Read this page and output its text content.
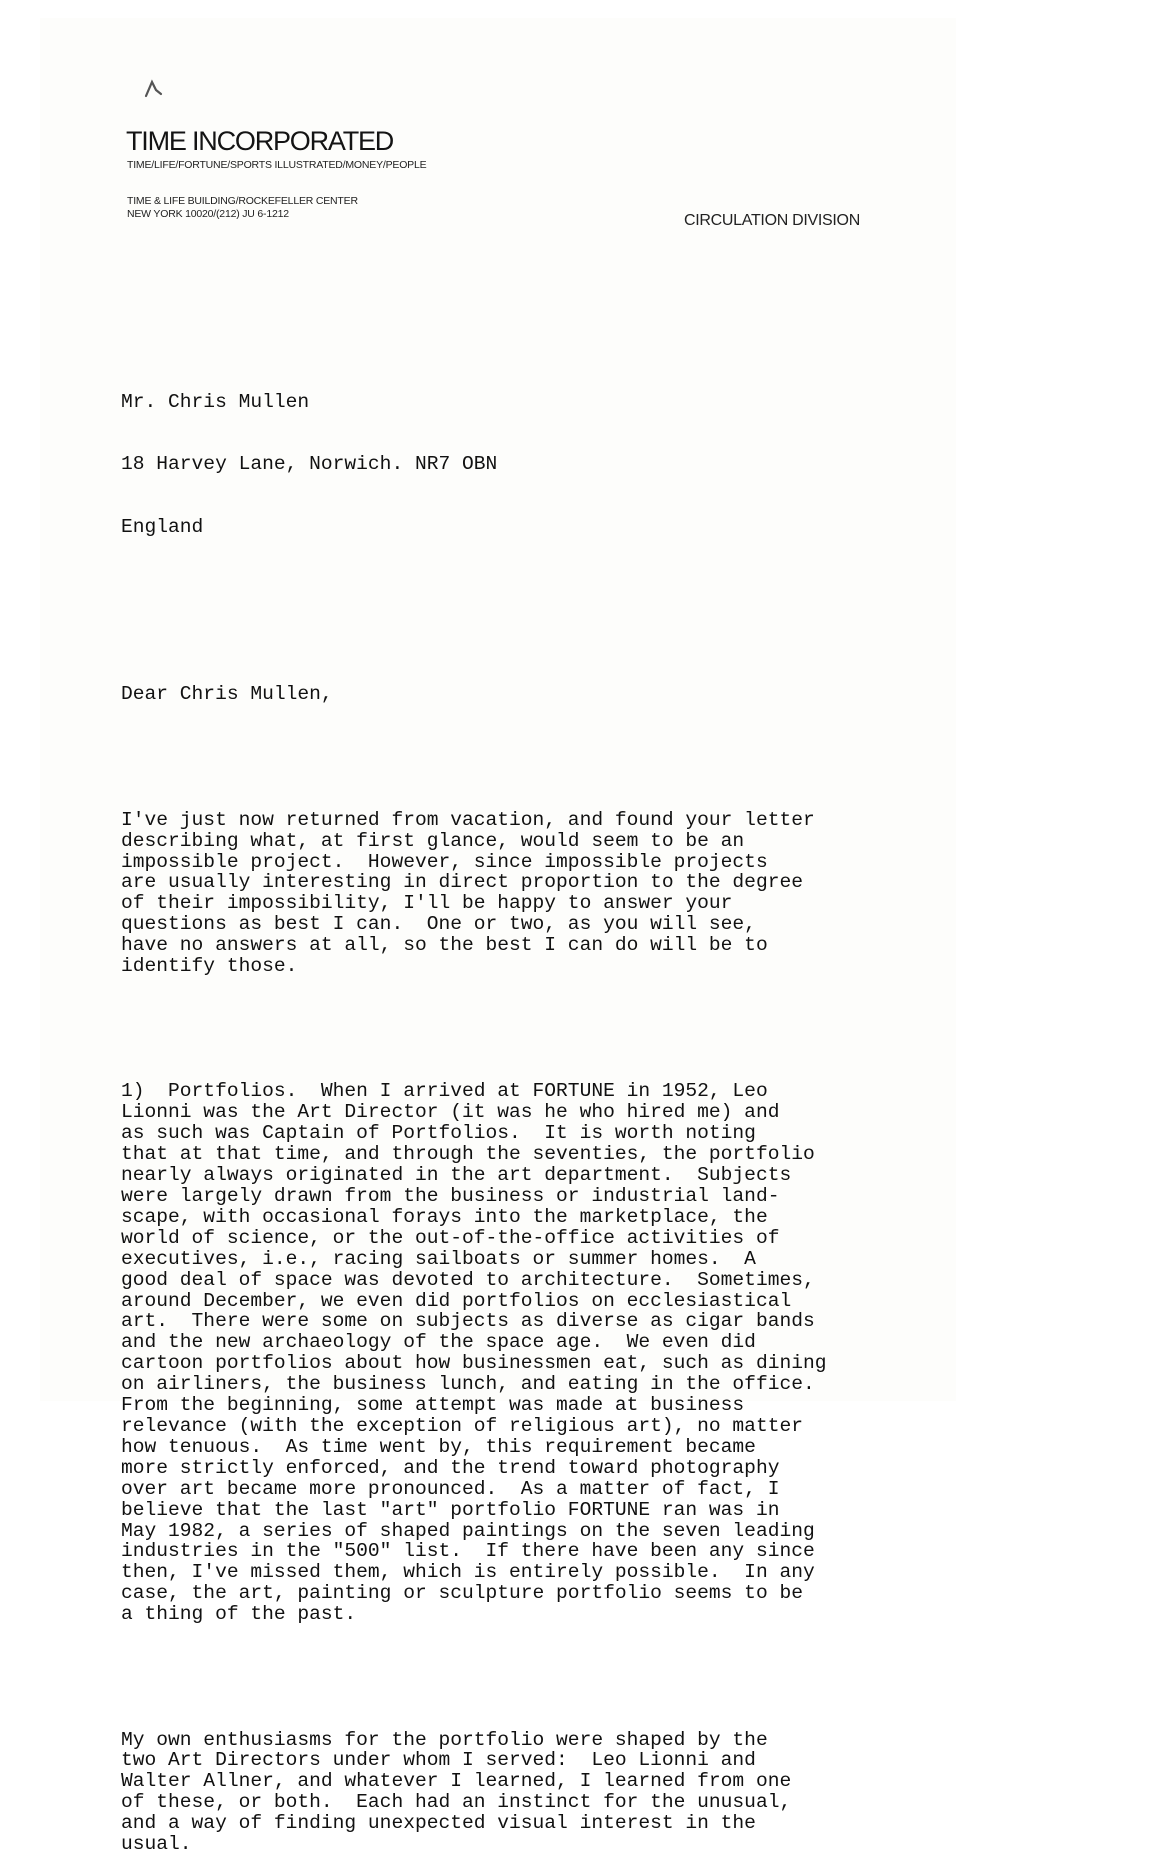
TIME INCORPORATED
TIME/LIFE/FORTUNE/SPORTS ILLUSTRATED/MONEY/PEOPLE
TIME & LIFE BUILDING/ROCKEFELLER CENTER
NEW YORK 10020/(212) JU 6-1212	CIRCULATION DIVISION

Mr. Chris Mullen

18 Harvey Lane, Norwich. NR7 OBN

England

Dear Chris Mullen,

I've just now returned from vacation, and found your letter
describing what, at first glance, would seem to be an
impossible project.  However, since impossible projects
are usually interesting in direct proportion to the degree
of their impossibility, I'll be happy to answer your
questions as best I can.  One or two, as you will see,
have no answers at all, so the best I can do will be to
identify those.

1)  Portfolios.  When I arrived at FORTUNE in 1952, Leo
Lionni was the Art Director (it was he who hired me) and
as such was Captain of Portfolios.  It is worth noting
that at that time, and through the seventies, the portfolio
nearly always originated in the art department.  Subjects
were largely drawn from the business or industrial land-
scape, with occasional forays into the marketplace, the
world of science, or the out-of-the-office activities of
executives, i.e., racing sailboats or summer homes.  A
good deal of space was devoted to architecture.  Sometimes,
around December, we even did portfolios on ecclesiastical
art.  There were some on subjects as diverse as cigar bands
and the new archaeology of the space age.  We even did
cartoon portfolios about how businessmen eat, such as dining
on airliners, the business lunch, and eating in the office.
From the beginning, some attempt was made at business
relevance (with the exception of religious art), no matter
how tenuous.  As time went by, this requirement became
more strictly enforced, and the trend toward photography
over art became more pronounced.  As a matter of fact, I
believe that the last "art" portfolio FORTUNE ran was in
May 1982, a series of shaped paintings on the seven leading
industries in the "500" list.  If there have been any since
then, I've missed them, which is entirely possible.  In any
case, the art, painting or sculpture portfolio seems to be
a thing of the past.

My own enthusiasms for the portfolio were shaped by the
two Art Directors under whom I served:  Leo Lionni and
Walter Allner, and whatever I learned, I learned from one
of these, or both.  Each had an instinct for the unusual,
and a way of finding unexpected visual interest in the
usual.
